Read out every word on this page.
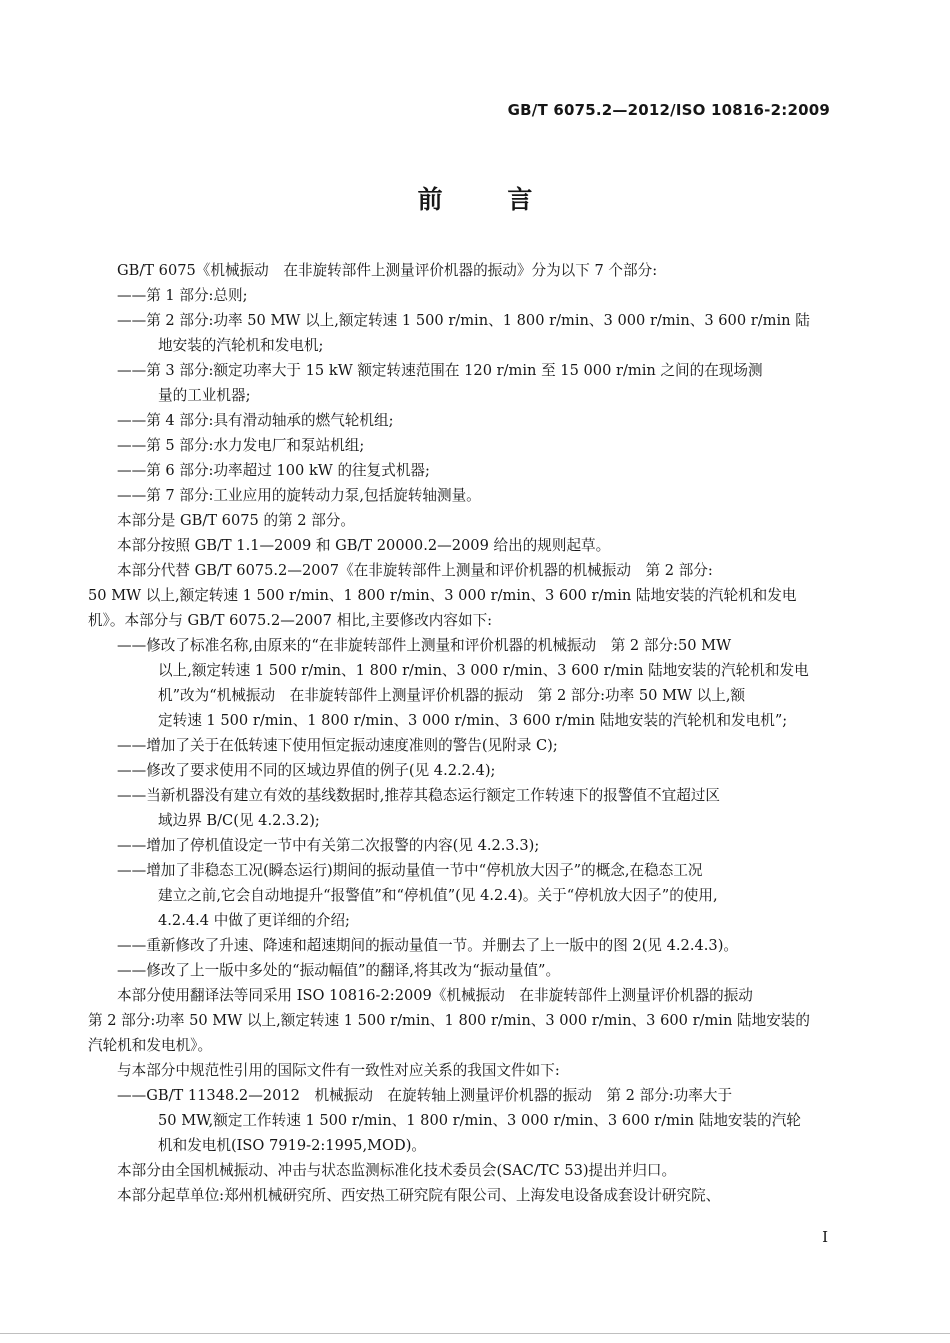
GB/T 6075.2—2012/ISO 10816-2:2009
前 言
GB/T 6075《机械振动　在非旋转部件上测量评价机器的振动》分为以下 7 个部分:
——第 1 部分:总则;
——第 2 部分:功率 50 MW 以上,额定转速 1 500 r/min、1 800 r/min、3 000 r/min、3 600 r/min 陆
地安装的汽轮机和发电机;
——第 3 部分:额定功率大于 15 kW 额定转速范围在 120 r/min 至 15 000 r/min 之间的在现场测
量的工业机器;
——第 4 部分:具有滑动轴承的燃气轮机组;
——第 5 部分:水力发电厂和泵站机组;
——第 6 部分:功率超过 100 kW 的往复式机器;
——第 7 部分:工业应用的旋转动力泵,包括旋转轴测量。
本部分是 GB/T 6075 的第 2 部分。
本部分按照 GB/T 1.1—2009 和 GB/T 20000.2—2009 给出的规则起草。
本部分代替 GB/T 6075.2—2007《在非旋转部件上测量和评价机器的机械振动　第 2 部分:
50 MW 以上,额定转速 1 500 r/min、1 800 r/min、3 000 r/min、3 600 r/min 陆地安装的汽轮机和发电
机》。本部分与 GB/T 6075.2—2007 相比,主要修改内容如下:
——修改了标准名称,由原来的“在非旋转部件上测量和评价机器的机械振动　第 2 部分:50 MW
以上,额定转速 1 500 r/min、1 800 r/min、3 000 r/min、3 600 r/min 陆地安装的汽轮机和发电
机”改为“机械振动　在非旋转部件上测量评价机器的振动　第 2 部分:功率 50 MW 以上,额
定转速 1 500 r/min、1 800 r/min、3 000 r/min、3 600 r/min 陆地安装的汽轮机和发电机”;
——增加了关于在低转速下使用恒定振动速度准则的警告(见附录 C);
——修改了要求使用不同的区域边界值的例子(见 4.2.2.4);
——当新机器没有建立有效的基线数据时,推荐其稳态运行额定工作转速下的报警值不宜超过区
域边界 B/C(见 4.2.3.2);
——增加了停机值设定一节中有关第二次报警的内容(见 4.2.3.3);
——增加了非稳态工况(瞬态运行)期间的振动量值一节中“停机放大因子”的概念,在稳态工况
建立之前,它会自动地提升“报警值”和“停机值”(见 4.2.4)。关于“停机放大因子”的使用,
4.2.4.4 中做了更详细的介绍;
——重新修改了升速、降速和超速期间的振动量值一节。并删去了上一版中的图 2(见 4.2.4.3)。
——修改了上一版中多处的“振动幅值”的翻译,将其改为“振动量值”。
本部分使用翻译法等同采用 ISO 10816-2:2009《机械振动　在非旋转部件上测量评价机器的振动
第 2 部分:功率 50 MW 以上,额定转速 1 500 r/min、1 800 r/min、3 000 r/min、3 600 r/min 陆地安装的
汽轮机和发电机》。
与本部分中规范性引用的国际文件有一致性对应关系的我国文件如下:
——GB/T 11348.2—2012　机械振动　在旋转轴上测量评价机器的振动　第 2 部分:功率大于
50 MW,额定工作转速 1 500 r/min、1 800 r/min、3 000 r/min、3 600 r/min 陆地安装的汽轮
机和发电机(ISO 7919-2:1995,MOD)。
本部分由全国机械振动、冲击与状态监测标准化技术委员会(SAC/TC 53)提出并归口。
本部分起草单位:郑州机械研究所、西安热工研究院有限公司、上海发电设备成套设计研究院、
I
